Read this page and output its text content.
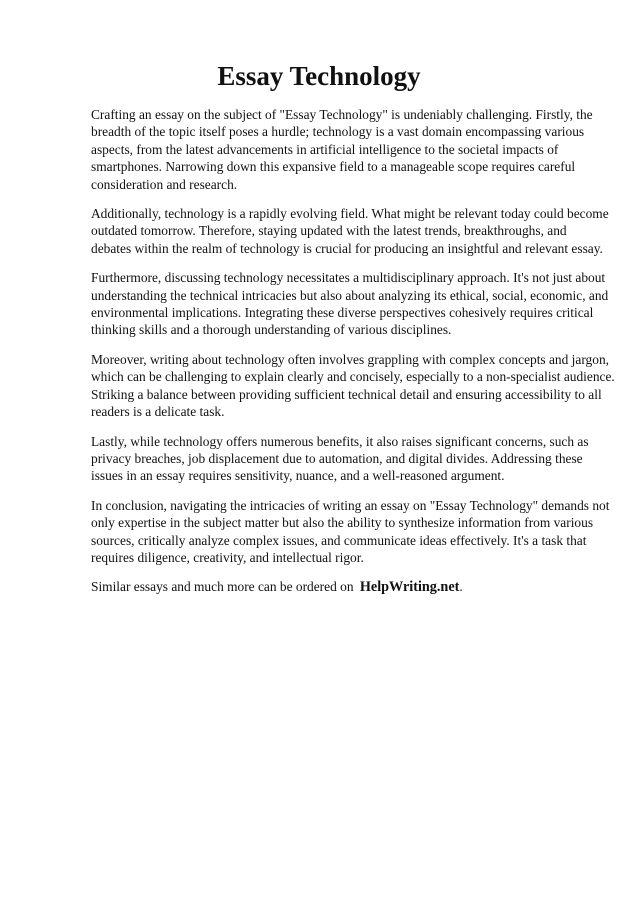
Essay Technology

Crafting an essay on the subject of "Essay Technology" is undeniably challenging. Firstly, the
breadth of the topic itself poses a hurdle; technology is a vast domain encompassing various
aspects, from the latest advancements in artificial intelligence to the societal impacts of
smartphones. Narrowing down this expansive field to a manageable scope requires careful
consideration and research.

Additionally, technology is a rapidly evolving field. What might be relevant today could become
outdated tomorrow. Therefore, staying updated with the latest trends, breakthroughs, and
debates within the realm of technology is crucial for producing an insightful and relevant essay.

Furthermore, discussing technology necessitates a multidisciplinary approach. It's not just about
understanding the technical intricacies but also about analyzing its ethical, social, economic, and
environmental implications. Integrating these diverse perspectives cohesively requires critical
thinking skills and a thorough understanding of various disciplines.

Moreover, writing about technology often involves grappling with complex concepts and jargon,
which can be challenging to explain clearly and concisely, especially to a non-specialist audience.
Striking a balance between providing sufficient technical detail and ensuring accessibility to all
readers is a delicate task.

Lastly, while technology offers numerous benefits, it also raises significant concerns, such as
privacy breaches, job displacement due to automation, and digital divides. Addressing these
issues in an essay requires sensitivity, nuance, and a well-reasoned argument.

In conclusion, navigating the intricacies of writing an essay on "Essay Technology" demands not
only expertise in the subject matter but also the ability to synthesize information from various
sources, critically analyze complex issues, and communicate ideas effectively. It's a task that
requires diligence, creativity, and intellectual rigor.

Similar essays and much more can be ordered on HelpWriting.net.
